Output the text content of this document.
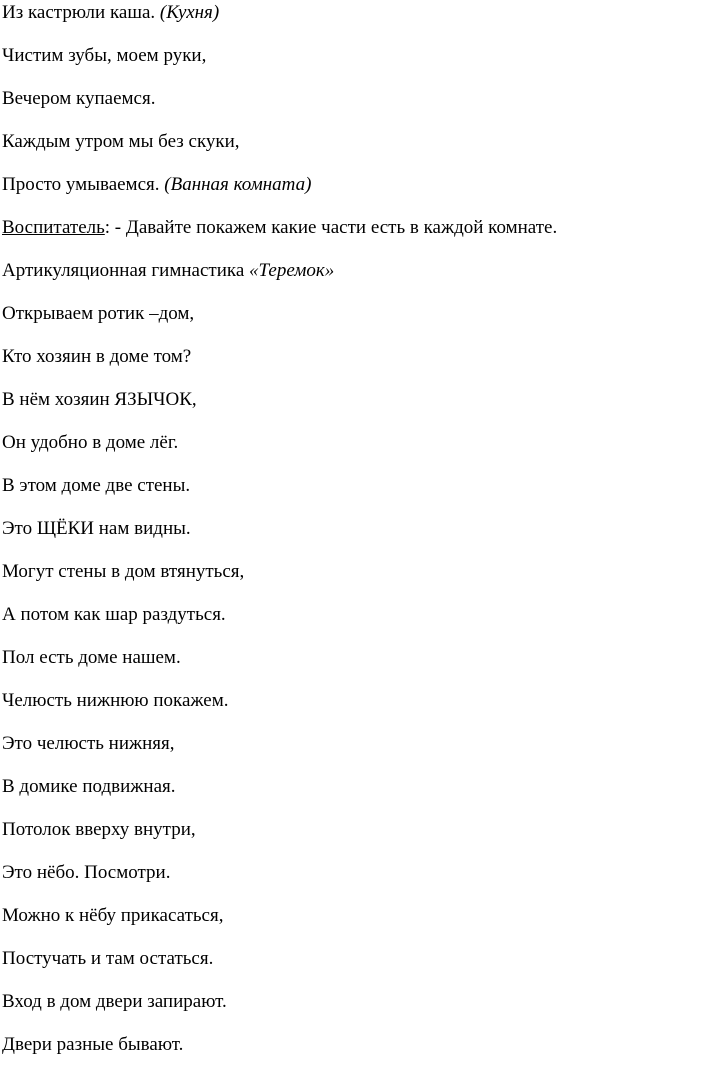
Из кастрюли каша. (Кухня)
Чистим зубы, моем руки,
Вечером купаемся.
Каждым утром мы без скуки,
Просто умываемся. (Ванная комната)
Воспитатель: - Давайте покажем какие части есть в каждой комнате.
Артикуляционная гимнастика «Теремок»
Открываем ротик –дом,
Кто хозяин в доме том?
В нём хозяин ЯЗЫЧОК,
Он удобно в доме лёг.
В этом доме две стены.
Это ЩЁКИ нам видны.
Могут стены в дом втянуться,
А потом как шар раздуться.
Пол есть доме нашем.
Челюсть нижнюю покажем.
Это челюсть нижняя,
В домике подвижная.
Потолок вверху внутри,
Это нёбо. Посмотри.
Можно к нёбу прикасаться,
Постучать и там остаться.
Вход в дом двери запирают.
Двери разные бывают.
